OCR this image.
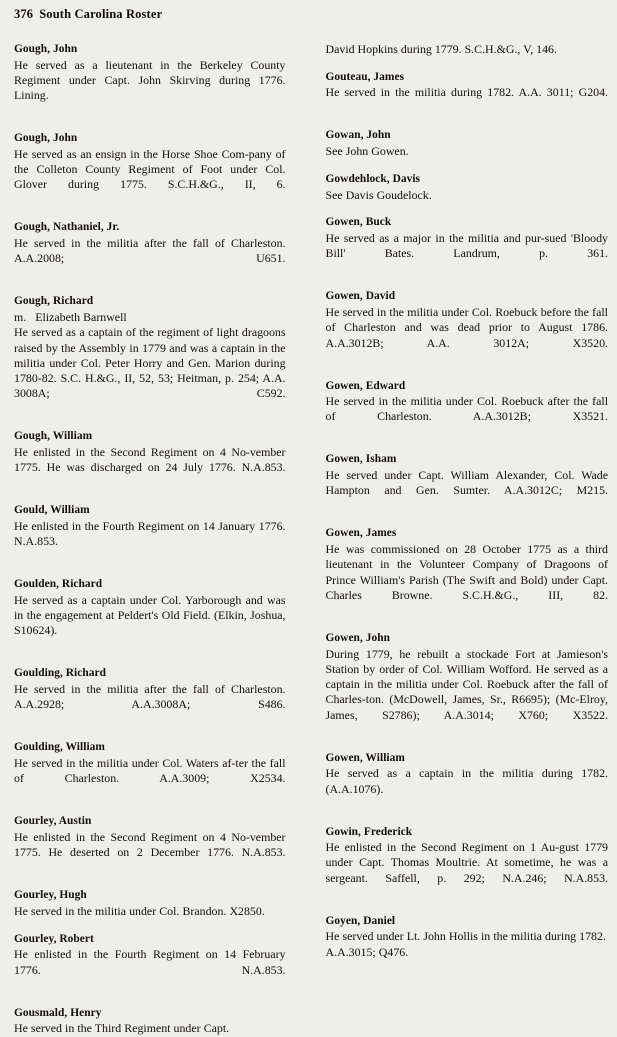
376 South Carolina Roster
Gough, John
He served as a lieutenant in the Berkeley County Regiment under Capt. John Skirving during 1776. Lining.
Gough, John
He served as an ensign in the Horse Shoe Com-pany of the Colleton County Regiment of Foot under Col. Glover during 1775. S.C.H.&G., II, 6.
Gough, Nathaniel, Jr.
He served in the militia after the fall of Charleston. A.A.2008; U651.
Gough, Richard
m. Elizabeth Barnwell
He served as a captain of the regiment of light dragoons raised by the Assembly in 1779 and was a captain in the militia under Col. Peter Horry and Gen. Marion during 1780-82. S.C. H.&G., II, 52, 53; Heitman, p. 254; A.A. 3008A; C592.
Gough, William
He enlisted in the Second Regiment on 4 No-vember 1775. He was discharged on 24 July 1776. N.A.853.
Gould, William
He enlisted in the Fourth Regiment on 14 January 1776. N.A.853.
Goulden, Richard
He served as a captain under Col. Yarborough and was in the engagement at Peldert's Old Field. (Elkin, Joshua, S10624).
Goulding, Richard
He served in the militia after the fall of Charleston. A.A.2928; A.A.3008A; S486.
Goulding, William
He served in the militia under Col. Waters af-ter the fall of Charleston. A.A.3009; X2534.
Gourley, Austin
He enlisted in the Second Regiment on 4 No-vember 1775. He deserted on 2 December 1776. N.A.853.
Gourley, Hugh
He served in the militia under Col. Brandon. X2850.
Gourley, Robert
He enlisted in the Fourth Regiment on 14 February 1776. N.A.853.
Gousmald, Henry
He served in the Third Regiment under Capt.
David Hopkins during 1779. S.C.H.&G., V, 146.
Gouteau, James
He served in the militia during 1782. A.A. 3011; G204.
Gowan, John
See John Gowen.
Gowdehlock, Davis
See Davis Goudelock.
Gowen, Buck
He served as a major in the militia and pur-sued 'Bloody Bill' Bates. Landrum, p. 361.
Gowen, David
He served in the militia under Col. Roebuck before the fall of Charleston and was dead prior to August 1786. A.A.3012B; A.A. 3012A; X3520.
Gowen, Edward
He served in the militia under Col. Roebuck after the fall of Charleston. A.A.3012B; X3521.
Gowen, Isham
He served under Capt. William Alexander, Col. Wade Hampton and Gen. Sumter. A.A.3012C; M215.
Gowen, James
He was commissioned on 28 October 1775 as a third lieutenant in the Volunteer Company of Dragoons of Prince William's Parish (The Swift and Bold) under Capt. Charles Browne. S.C.H.&G., III, 82.
Gowen, John
During 1779, he rebuilt a stockade Fort at Jamieson's Station by order of Col. William Wofford. He served as a captain in the militia under Col. Roebuck after the fall of Charles-ton. (McDowell, James, Sr., R6695); (Mc-Elroy, James, S2786); A.A.3014; X760; X3522.
Gowen, William
He served as a captain in the militia during 1782. (A.A.1076).
Gowin, Frederick
He enlisted in the Second Regiment on 1 Au-gust 1779 under Capt. Thomas Moultrie. At sometime, he was a sergeant. Saffell, p. 292; N.A.246; N.A.853.
Goyen, Daniel
He served under Lt. John Hollis in the militia during 1782. A.A.3015; Q476.
